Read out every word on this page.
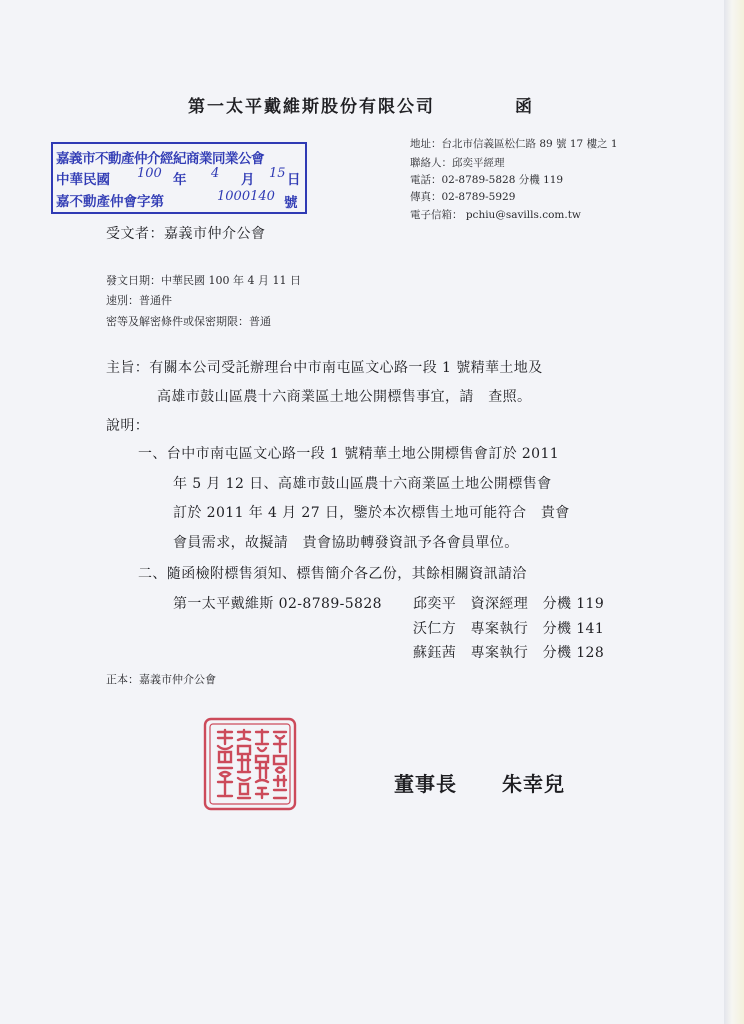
第一太平戴維斯股份有限公司	函
地址：台北市信義區松仁路 89 號 17 樓之 1
聯絡人：邱奕平經理
電話：02-8789-5828 分機 119
傳真：02-8789-5929
電子信箱： pchiu@savills.com.tw
嘉義市不動產仲介經紀商業同業公會
中華民國 100 年 4 月 15 日
嘉不動產仲會字第	1000140 號
受文者：嘉義市仲介公會
發文日期：中華民國 100 年 4 月 11 日
速別：普通件
密等及解密條件或保密期限：普通
主旨：有關本公司受託辦理台中市南屯區文心路一段 1 號精華土地及
高雄市鼓山區農十六商業區土地公開標售事宜，請　查照。
說明：
一、台中市南屯區文心路一段 1 號精華土地公開標售會訂於 2011
年 5 月 12 日、高雄市鼓山區農十六商業區土地公開標售會
訂於 2011 年 4 月 27 日，鑒於本次標售土地可能符合　貴會
會員需求，故擬請　貴會協助轉發資訊予各會員單位。
二、隨函檢附標售須知、標售簡介各乙份，其餘相關資訊請洽
第一太平戴維斯 02-8789-5828 邱奕平　資深經理　分機 119
沃仁方　專案執行　分機 141
蘇鈺茜　專案執行　分機 128
正本：嘉義市仲介公會
董事長 朱幸兒
